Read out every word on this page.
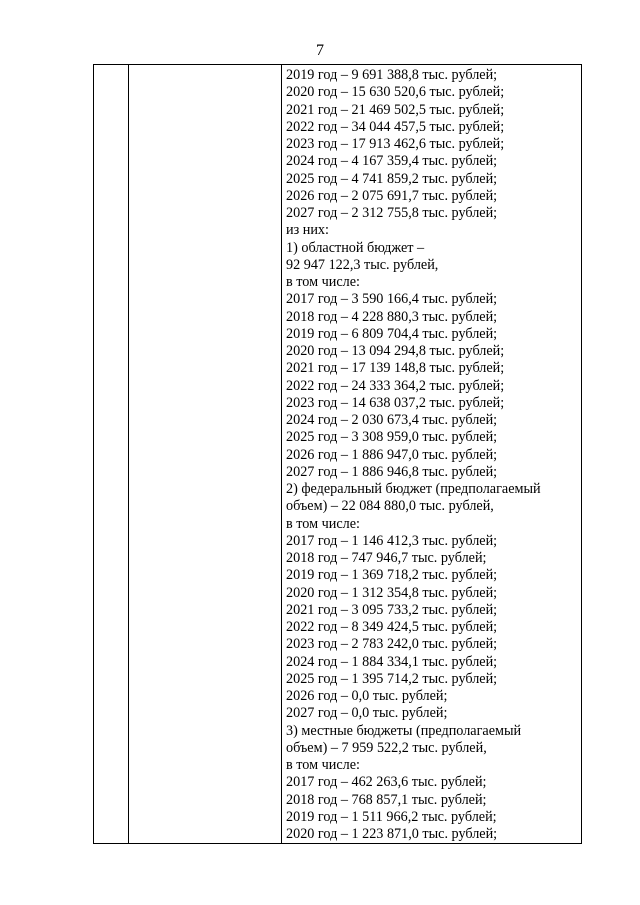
7
2019 год – 9 691 388,8 тыс. рублей;
2020 год – 15 630 520,6 тыс. рублей;
2021 год – 21 469 502,5 тыс. рублей;
2022 год – 34 044 457,5 тыс. рублей;
2023 год – 17 913 462,6 тыс. рублей;
2024 год – 4 167 359,4 тыс. рублей;
2025 год – 4 741 859,2 тыс. рублей;
2026 год – 2 075 691,7 тыс. рублей;
2027 год – 2 312 755,8 тыс. рублей;
из них:
1) областной бюджет –
92 947 122,3 тыс. рублей,
в том числе:
2017 год – 3 590 166,4 тыс. рублей;
2018 год – 4 228 880,3 тыс. рублей;
2019 год – 6 809 704,4 тыс. рублей;
2020 год – 13 094 294,8 тыс. рублей;
2021 год – 17 139 148,8 тыс. рублей;
2022 год – 24 333 364,2 тыс. рублей;
2023 год – 14 638 037,2 тыс. рублей;
2024 год – 2 030 673,4 тыс. рублей;
2025 год – 3 308 959,0 тыс. рублей;
2026 год – 1 886 947,0 тыс. рублей;
2027 год – 1 886 946,8 тыс. рублей;
2) федеральный бюджет (предполагаемый
объем) – 22 084 880,0 тыс. рублей,
в том числе:
2017 год – 1 146 412,3 тыс. рублей;
2018 год – 747 946,7 тыс. рублей;
2019 год – 1 369 718,2 тыс. рублей;
2020 год – 1 312 354,8 тыс. рублей;
2021 год – 3 095 733,2 тыс. рублей;
2022 год – 8 349 424,5 тыс. рублей;
2023 год – 2 783 242,0 тыс. рублей;
2024 год – 1 884 334,1 тыс. рублей;
2025 год – 1 395 714,2 тыс. рублей;
2026 год – 0,0 тыс. рублей;
2027 год – 0,0 тыс. рублей;
3) местные бюджеты (предполагаемый
объем) – 7 959 522,2 тыс. рублей,
в том числе:
2017 год – 462 263,6 тыс. рублей;
2018 год – 768 857,1 тыс. рублей;
2019 год – 1 511 966,2 тыс. рублей;
2020 год – 1 223 871,0 тыс. рублей;
